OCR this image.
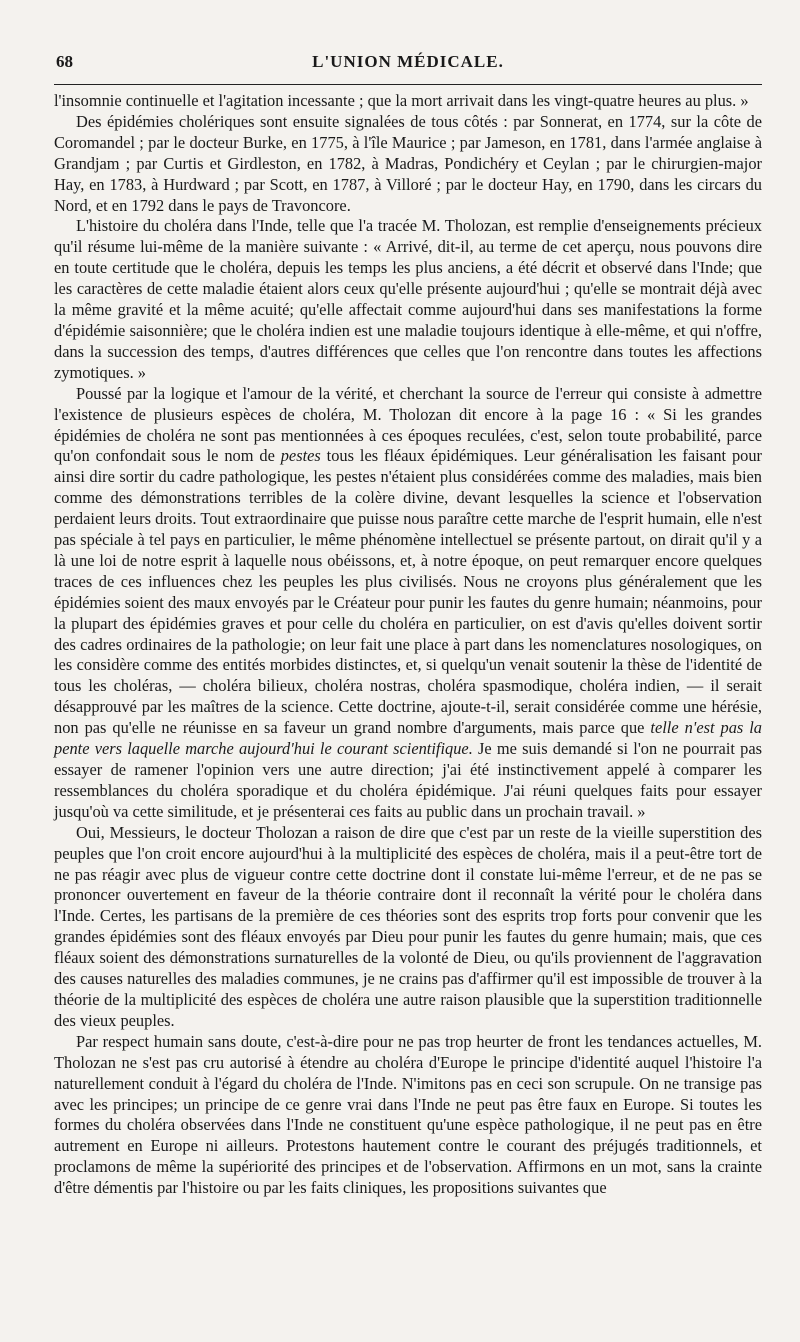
68	L'UNION MÉDICALE.

l'insomnie continuelle et l'agitation incessante ; que la mort arrivait dans les vingt-quatre heures au plus. »

Des épidémies cholériques sont ensuite signalées de tous côtés : par Sonnerat, en 1774, sur la côte de Coromandel ; par le docteur Burke, en 1775, à l'île Maurice ; par Jameson, en 1781, dans l'armée anglaise à Grandjam ; par Curtis et Girdleston, en 1782, à Madras, Pondichéry et Ceylan ; par le chirurgien-major Hay, en 1783, à Hurdward ; par Scott, en 1787, à Villoré ; par le docteur Hay, en 1790, dans les circars du Nord, et en 1792 dans le pays de Travoncore.

L'histoire du choléra dans l'Inde, telle que l'a tracée M. Tholozan, est remplie d'enseignements précieux qu'il résume lui-même de la manière suivante : « Arrivé, dit-il, au terme de cet aperçu, nous pouvons dire en toute certitude que le choléra, depuis les temps les plus anciens, a été décrit et observé dans l'Inde; que les caractères de cette maladie étaient alors ceux qu'elle présente aujourd'hui ; qu'elle se montrait déjà avec la même gravité et la même acuité; qu'elle affectait comme aujourd'hui dans ses manifestations la forme d'épidémie saisonnière; que le choléra indien est une maladie toujours identique à elle-même, et qui n'offre, dans la succession des temps, d'autres différences que celles que l'on rencontre dans toutes les affections zymotiques. »

Poussé par la logique et l'amour de la vérité, et cherchant la source de l'erreur qui consiste à admettre l'existence de plusieurs espèces de choléra, M. Tholozan dit encore à la page 16 : « Si les grandes épidémies de choléra ne sont pas mentionnées à ces époques reculées, c'est, selon toute probabilité, parce qu'on confondait sous le nom de pestes tous les fléaux épidémiques. Leur généralisation les faisant pour ainsi dire sortir du cadre pathologique, les pestes n'étaient plus considérées comme des maladies, mais bien comme des démonstrations terribles de la colère divine, devant lesquelles la science et l'observation perdaient leurs droits. Tout extraordinaire que puisse nous paraître cette marche de l'esprit humain, elle n'est pas spéciale à tel pays en particulier, le même phénomène intellectuel se présente partout, on dirait qu'il y a là une loi de notre esprit à laquelle nous obéissons, et, à notre époque, on peut remarquer encore quelques traces de ces influences chez les peuples les plus civilisés. Nous ne croyons plus généralement que les épidémies soient des maux envoyés par le Créateur pour punir les fautes du genre humain; néanmoins, pour la plupart des épidémies graves et pour celle du choléra en particulier, on est d'avis qu'elles doivent sortir des cadres ordinaires de la pathologie; on leur fait une place à part dans les nomenclatures nosologiques, on les considère comme des entités morbides distinctes, et, si quelqu'un venait soutenir la thèse de l'identité de tous les choléras, — choléra bilieux, choléra nostras, choléra spasmodique, choléra indien, — il serait désapprouvé par les maîtres de la science. Cette doctrine, ajoute-t-il, serait considérée comme une hérésie, non pas qu'elle ne réunisse en sa faveur un grand nombre d'arguments, mais parce que telle n'est pas la pente vers laquelle marche aujourd'hui le courant scientifique. Je me suis demandé si l'on ne pourrait pas essayer de ramener l'opinion vers une autre direction; j'ai été instinctivement appelé à comparer les ressemblances du choléra sporadique et du choléra épidémique. J'ai réuni quelques faits pour essayer jusqu'où va cette similitude, et je présenterai ces faits au public dans un prochain travail. »

Oui, Messieurs, le docteur Tholozan a raison de dire que c'est par un reste de la vieille superstition des peuples que l'on croit encore aujourd'hui à la multiplicité des espèces de choléra, mais il a peut-être tort de ne pas réagir avec plus de vigueur contre cette doctrine dont il constate lui-même l'erreur, et de ne pas se prononcer ouvertement en faveur de la théorie contraire dont il reconnaît la vérité pour le choléra dans l'Inde. Certes, les partisans de la première de ces théories sont des esprits trop forts pour convenir que les grandes épidémies sont des fléaux envoyés par Dieu pour punir les fautes du genre humain; mais, que ces fléaux soient des démonstrations surnaturelles de la volonté de Dieu, ou qu'ils proviennent de l'aggravation des causes naturelles des maladies communes, je ne crains pas d'affirmer qu'il est impossible de trouver à la théorie de la multiplicité des espèces de choléra une autre raison plausible que la superstition traditionnelle des vieux peuples.

Par respect humain sans doute, c'est-à-dire pour ne pas trop heurter de front les tendances actuelles, M. Tholozan ne s'est pas cru autorisé à étendre au choléra d'Europe le principe d'identité auquel l'histoire l'a naturellement conduit à l'égard du choléra de l'Inde. N'imitons pas en ceci son scrupule. On ne transige pas avec les principes; un principe de ce genre vrai dans l'Inde ne peut pas être faux en Europe. Si toutes les formes du choléra observées dans l'Inde ne constituent qu'une espèce pathologique, il ne peut pas en être autrement en Europe ni ailleurs. Protestons hautement contre le courant des préjugés traditionnels, et proclamons de même la supériorité des principes et de l'observation. Affirmons en un mot, sans la crainte d'être démentis par l'histoire ou par les faits cliniques, les propositions suivantes que
